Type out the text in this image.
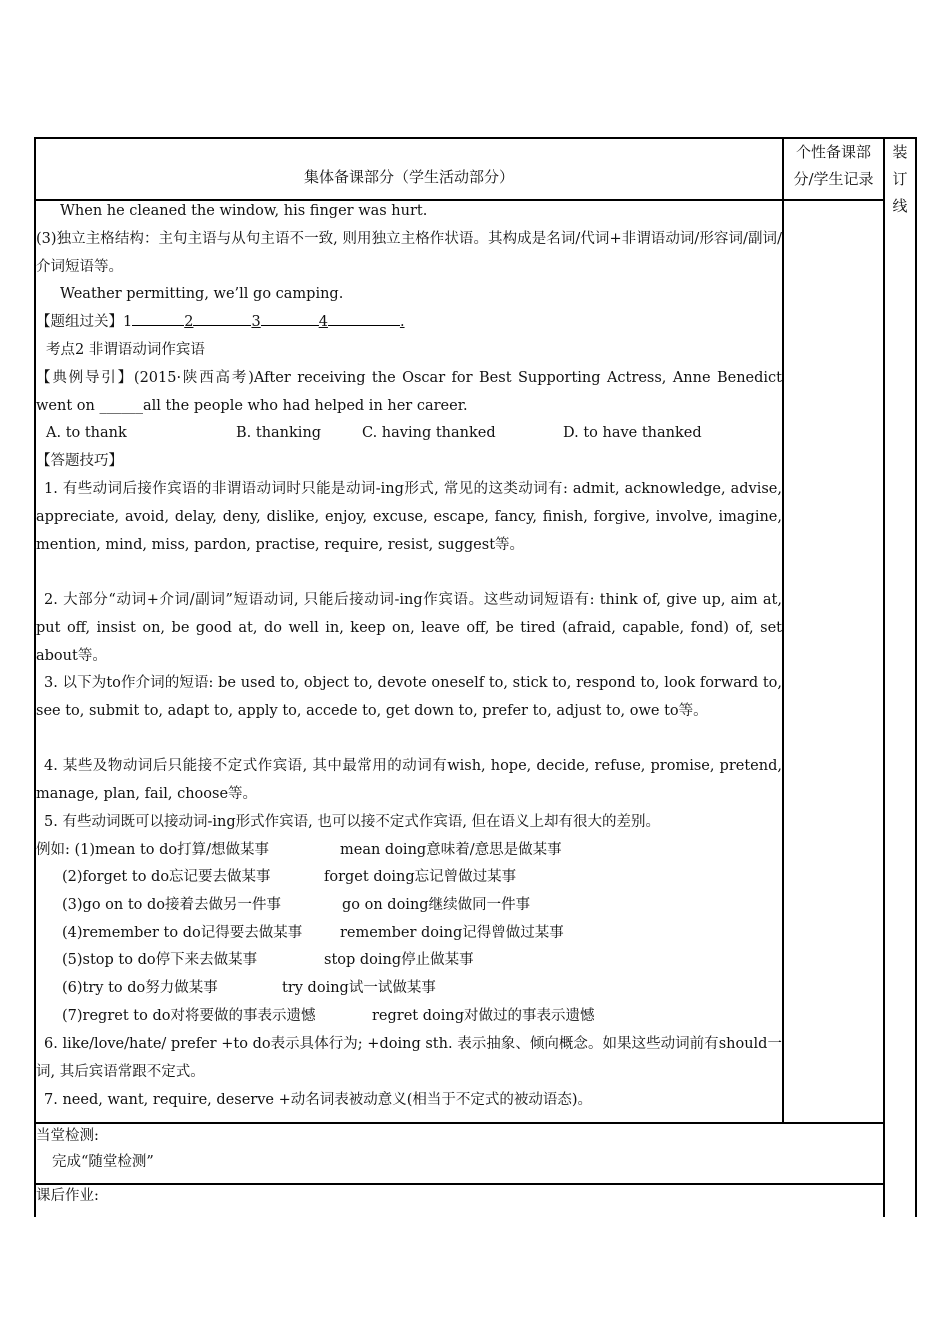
集体备课部分（学生活动部分）
个性备课部
分/学生记录
装
订
线
When he cleaned the window, his finger was hurt.
(3)独立主格结构：主句主语与从句主语不一致, 则用独立主格作状语。其构成是名词/代词+非谓语动词/形容词/副词/介词短语等。
Weather permitting, we’ll go camping.
【题组过关】1	2	3	4	.
考点2 非谓语动词作宾语
【典例导引】(2015·陕西高考)After receiving the Oscar for Best Supporting Actress, Anne Benedict went on ______all the people who had helped in her career.
A. to thank	B. thanking	C. having thanked	D. to have thanked
【答题技巧】
1. 有些动词后接作宾语的非谓语动词时只能是动词-ing形式, 常见的这类动词有: admit, acknowledge, advise, appreciate, avoid, delay, deny, dislike, enjoy, excuse, escape, fancy, finish, forgive, involve, imagine, mention, mind, miss, pardon, practise, require, resist, suggest等。
2. 大部分“动词+介词/副词”短语动词, 只能后接动词-ing作宾语。这些动词短语有: think of, give up, aim at, put off, insist on, be good at, do well in, keep on, leave off, be tired (afraid, capable, fond) of, set about等。
3. 以下为to作介词的短语: be used to, object to, devote oneself to, stick to, respond to, look forward to, see to, submit to, adapt to, apply to, accede to, get down to, prefer to, adjust to, owe to等。
4. 某些及物动词后只能接不定式作宾语, 其中最常用的动词有wish, hope, decide, refuse, promise, pretend, manage, plan, fail, choose等。
5. 有些动词既可以接动词-ing形式作宾语, 也可以接不定式作宾语, 但在语义上却有很大的差别。
例如: (1)mean to do打算/想做某事	mean doing意味着/意思是做某事
(2)forget to do忘记要去做某事	forget doing忘记曾做过某事
(3)go on to do接着去做另一件事	go on doing继续做同一件事
(4)remember to do记得要去做某事	remember doing记得曾做过某事
(5)stop to do停下来去做某事	stop doing停止做某事
(6)try to do努力做某事	try doing试一试做某事
(7)regret to do对将要做的事表示遗憾	regret doing对做过的事表示遗憾
6. like/love/hate/ prefer +to do表示具体行为; +doing sth. 表示抽象、倾向概念。如果这些动词前有should一词, 其后宾语常跟不定式。
7. need, want, require, deserve +动名词表被动意义(相当于不定式的被动语态)。
当堂检测:
完成“随堂检测”
课后作业:
